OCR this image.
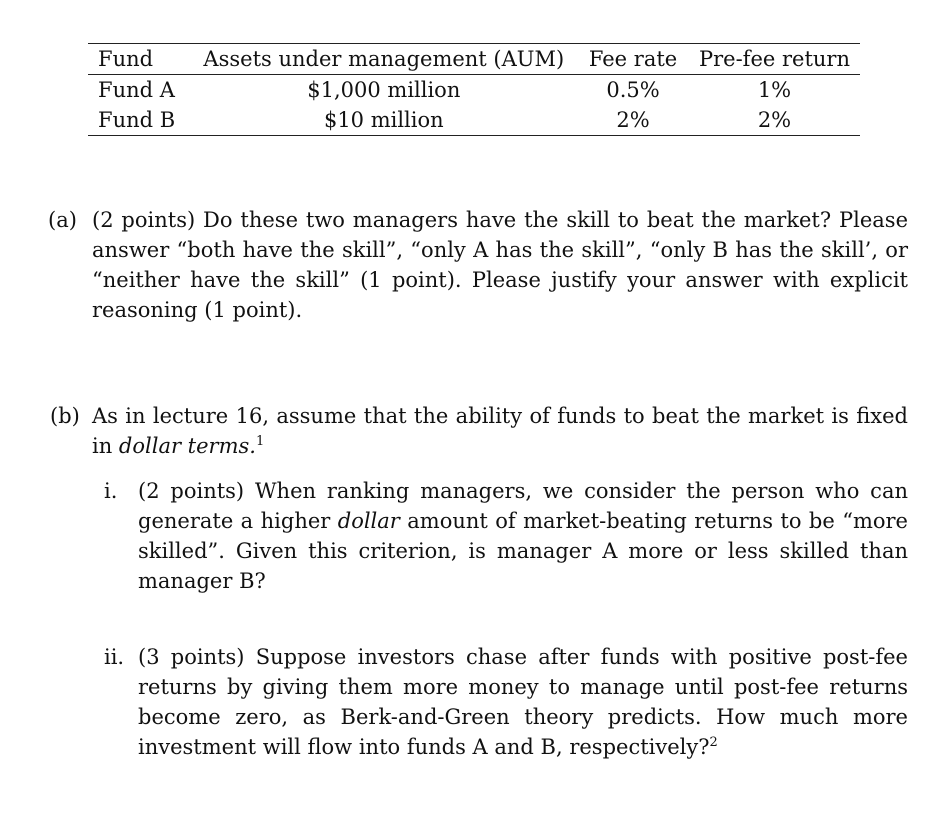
Fund	Assets under management (AUM)	Fee rate	Pre-fee return
Fund A	$1,000 million	0.5%	1%
Fund B	$10 million	2%	2%
(a) (2 points) Do these two managers have the skill to beat the market? Please answer “both have the skill”, “only A has the skill”, “only B has the skill’, or “neither have the skill” (1 point). Please justify your answer with explicit reasoning (1 point).
(b) As in lecture 16, assume that the ability of funds to beat the market is fixed in dollar terms.$^1$
i. (2 points) When ranking managers, we consider the person who can generate a higher dollar amount of market-beating returns to be “more skilled”. Given this criterion, is manager A more or less skilled than manager B?
ii. (3 points) Suppose investors chase after funds with positive post-fee returns by giving them more money to manage until post-fee returns become zero, as Berk-and-Green theory predicts. How much more investment will flow into funds A and B, respectively?$^2$
